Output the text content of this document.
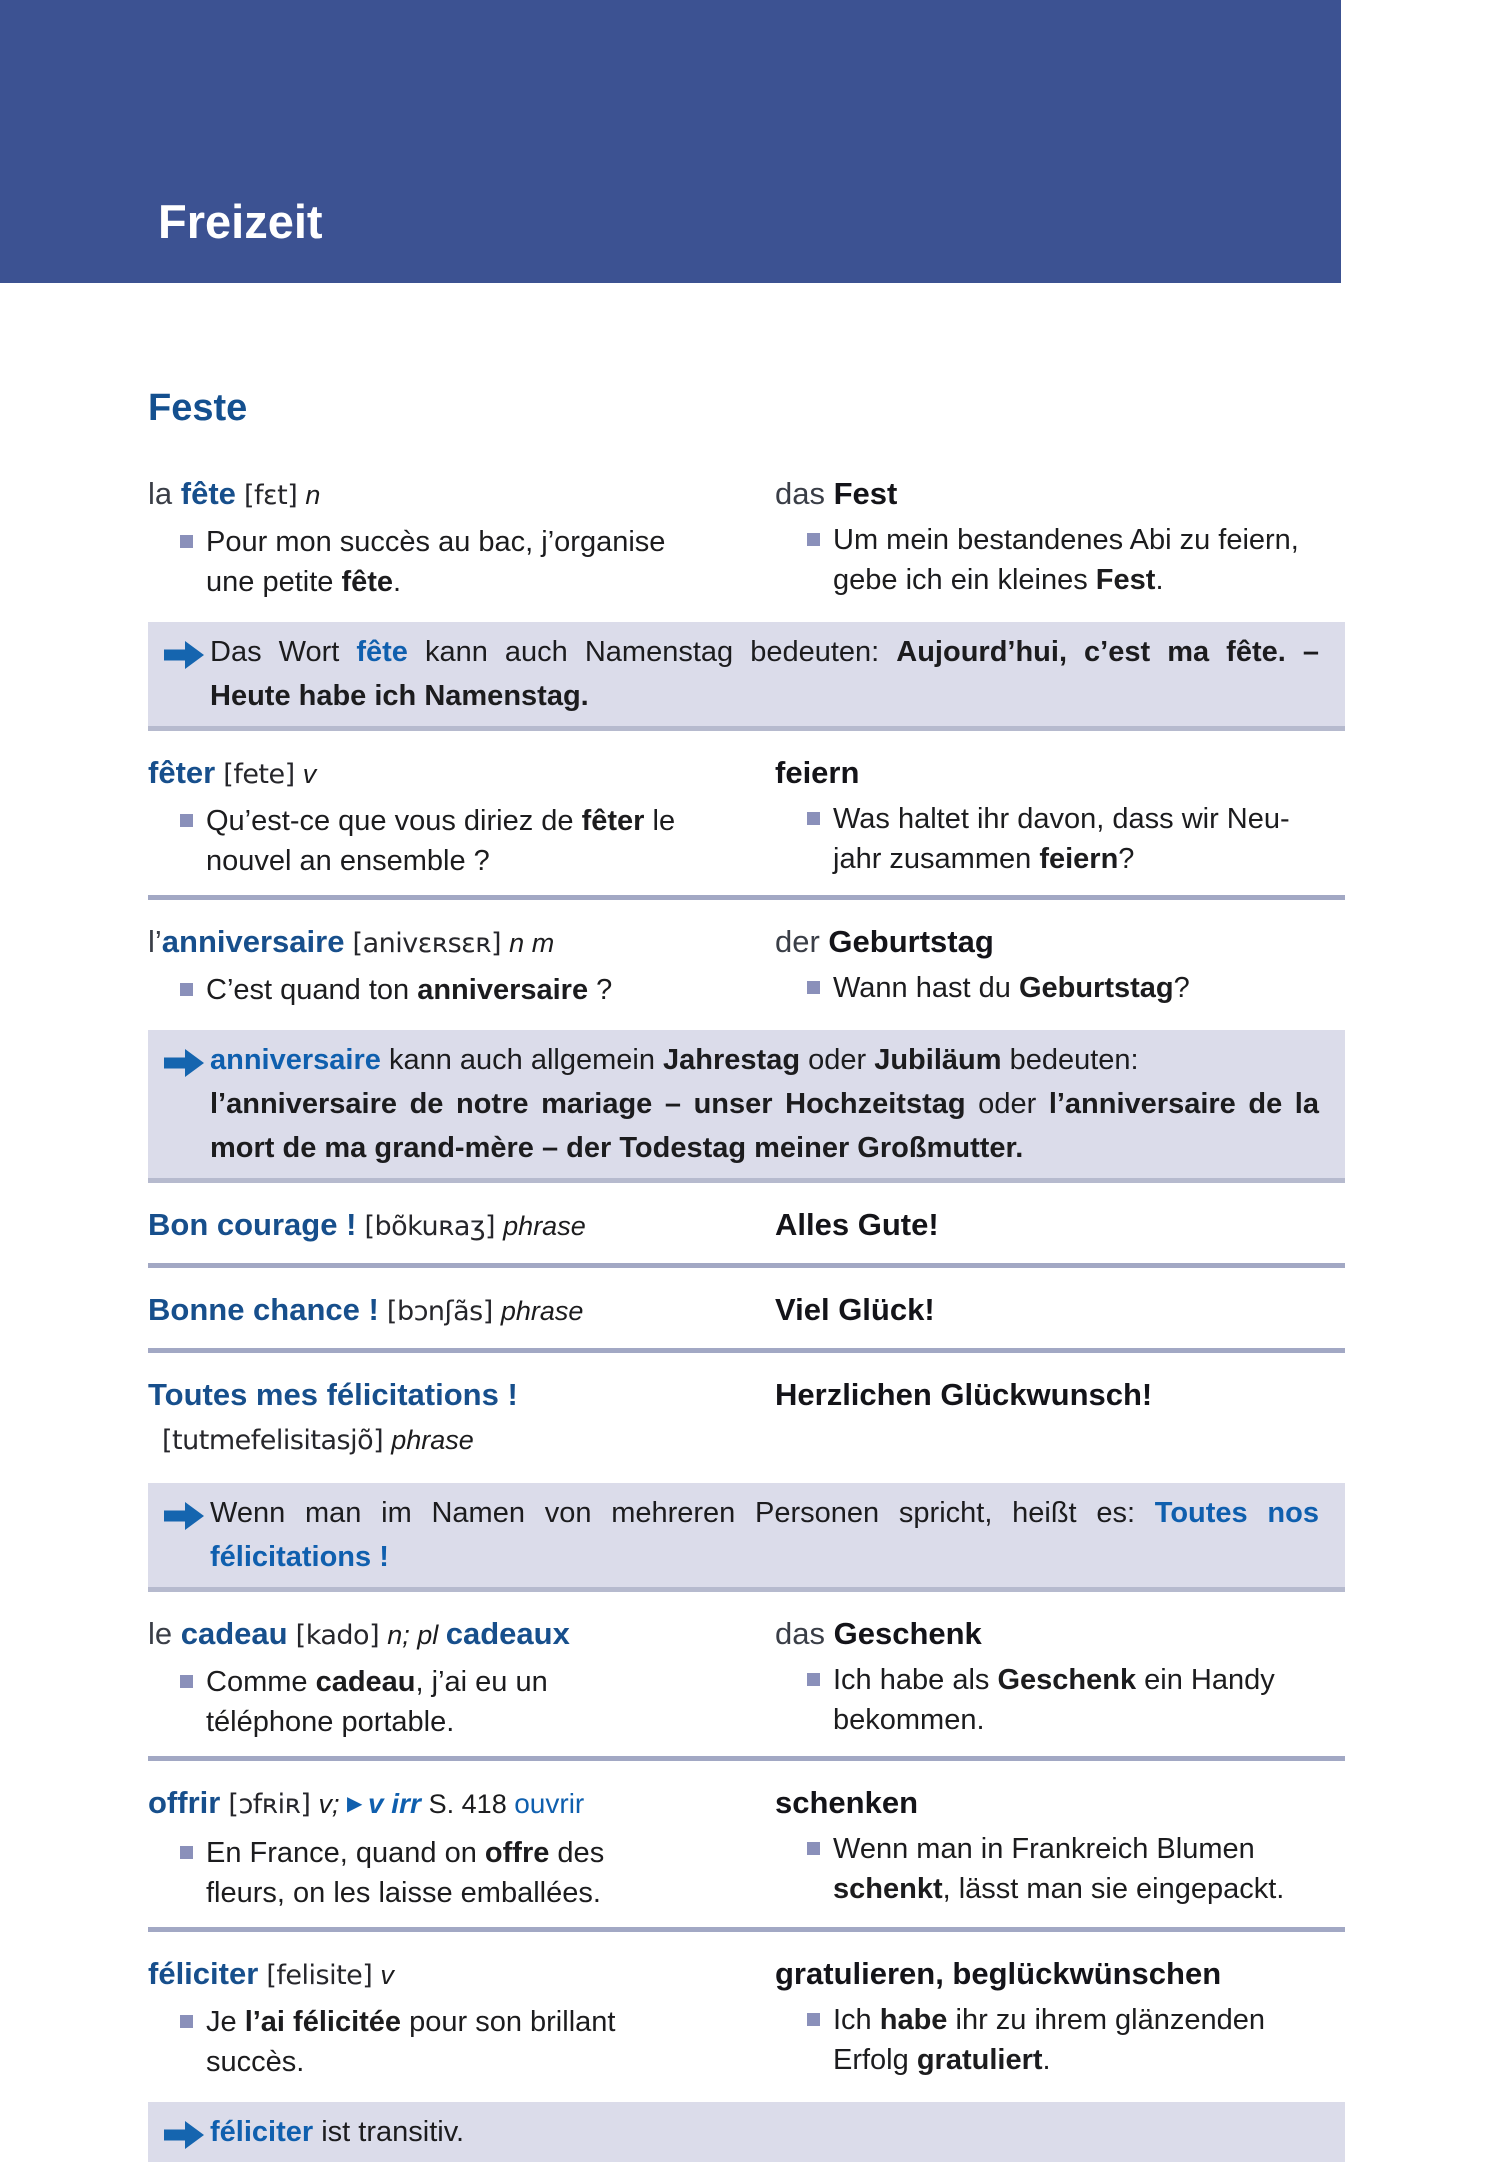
Freizeit
Feste
la fête [fɛt] n
Pour mon succès au bac, j’organise
une petite fête.
das Fest
Um mein bestandenes Abi zu feiern,
gebe ich ein kleines Fest.
Das Wort fête kann auch Namenstag bedeuten: Aujourd’hui, c’est ma fête. –
Heute habe ich Namenstag.
fêter [fete] v
Qu’est-ce que vous diriez de fêter le
nouvel an ensemble ?
feiern
Was haltet ihr davon, dass wir Neu-
jahr zusammen feiern?
l’anniversaire [anivɛʀsɛʀ] n m
C’est quand ton anniversaire ?
der Geburtstag
Wann hast du Geburtstag?
anniversaire kann auch allgemein Jahrestag oder Jubiläum bedeuten:
l’anniversaire de notre mariage – unser Hochzeitstag oder l’anniversaire de la
mort de ma grand-mère – der Todestag meiner Großmutter.
Bon courage ! [bõkuʀaʒ] phrase	Alles Gute!
Bonne chance ! [bɔnʃãs] phrase	Viel Glück!
Toutes mes félicitations !
[tutmefelisitasjõ] phrase
Herzlichen Glückwunsch!
Wenn man im Namen von mehreren Personen spricht, heißt es: Toutes nos
félicitations !
le cadeau [kado] n; pl cadeaux
Comme cadeau, j’ai eu un
téléphone portable.
das Geschenk
Ich habe als Geschenk ein Handy
bekommen.
offrir [ɔfʀiʀ] v; ▶ v irr S. 418 ouvrir
En France, quand on offre des
fleurs, on les laisse emballées.
schenken
Wenn man in Frankreich Blumen
schenkt, lässt man sie eingepackt.
féliciter [felisite] v
Je l’ai félicitée pour son brillant
succès.
gratulieren, beglückwünschen
Ich habe ihr zu ihrem glänzenden
Erfolg gratuliert.
féliciter ist transitiv.
